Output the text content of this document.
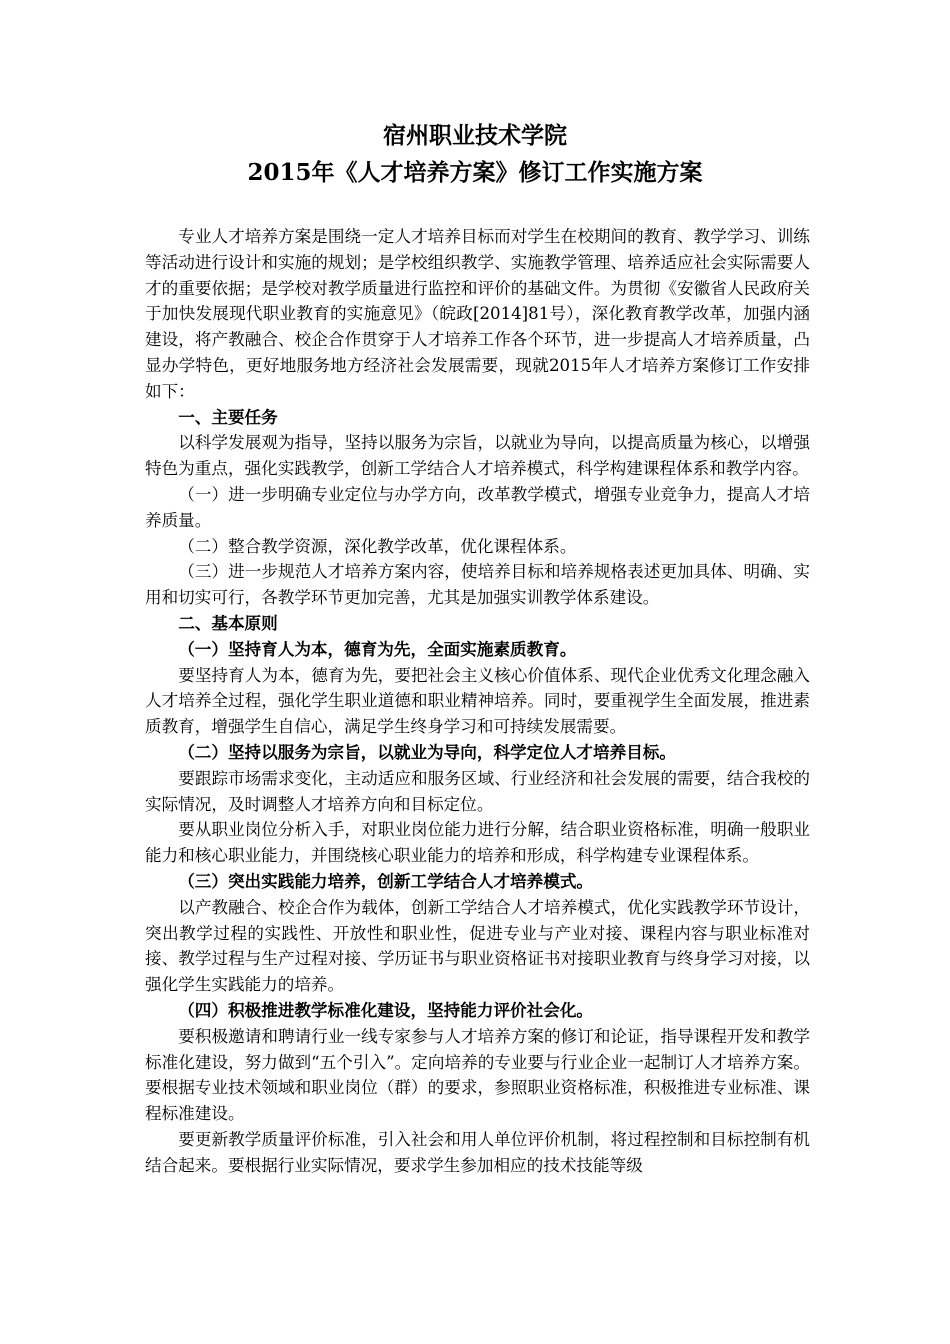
宿州职业技术学院
2015年《人才培养方案》修订工作实施方案

专业人才培养方案是围绕一定人才培养目标而对学生在校期间的教育、教学学习、训练等活动进行设计和实施的规划；是学校组织教学、实施教学管理、培养适应社会实际需要人才的重要依据；是学校对教学质量进行监控和评价的基础文件。为贯彻《安徽省人民政府关于加快发展现代职业教育的实施意见》（皖政[2014]81号），深化教育教学改革，加强内涵建设，将产教融合、校企合作贯穿于人才培养工作各个环节，进一步提高人才培养质量，凸显办学特色，更好地服务地方经济社会发展需要，现就2015年人才培养方案修订工作安排如下：

一、主要任务

以科学发展观为指导，坚持以服务为宗旨，以就业为导向，以提高质量为核心，以增强特色为重点，强化实践教学，创新工学结合人才培养模式，科学构建课程体系和教学内容。

（一）进一步明确专业定位与办学方向，改革教学模式，增强专业竞争力，提高人才培养质量。

（二）整合教学资源，深化教学改革，优化课程体系。

（三）进一步规范人才培养方案内容，使培养目标和培养规格表述更加具体、明确、实用和切实可行，各教学环节更加完善，尤其是加强实训教学体系建设。

二、基本原则

（一）坚持育人为本，德育为先，全面实施素质教育。

要坚持育人为本，德育为先，要把社会主义核心价值体系、现代企业优秀文化理念融入人才培养全过程，强化学生职业道德和职业精神培养。同时，要重视学生全面发展，推进素质教育，增强学生自信心，满足学生终身学习和可持续发展需要。

（二）坚持以服务为宗旨，以就业为导向，科学定位人才培养目标。

要跟踪市场需求变化，主动适应和服务区域、行业经济和社会发展的需要，结合我校的实际情况，及时调整人才培养方向和目标定位。

要从职业岗位分析入手，对职业岗位能力进行分解，结合职业资格标准，明确一般职业能力和核心职业能力，并围绕核心职业能力的培养和形成，科学构建专业课程体系。

（三）突出实践能力培养，创新工学结合人才培养模式。

以产教融合、校企合作为载体，创新工学结合人才培养模式，优化实践教学环节设计，突出教学过程的实践性、开放性和职业性，促进专业与产业对接、课程内容与职业标准对接、教学过程与生产过程对接、学历证书与职业资格证书对接职业教育与终身学习对接，以强化学生实践能力的培养。

（四）积极推进教学标准化建设，坚持能力评价社会化。

要积极邀请和聘请行业一线专家参与人才培养方案的修订和论证，指导课程开发和教学标准化建设，努力做到“五个引入”。定向培养的专业要与行业企业一起制订人才培养方案。要根据专业技术领域和职业岗位（群）的要求，参照职业资格标准，积极推进专业标准、课程标准建设。

要更新教学质量评价标准，引入社会和用人单位评价机制，将过程控制和目标控制有机结合起来。要根据行业实际情况，要求学生参加相应的技术技能等级
